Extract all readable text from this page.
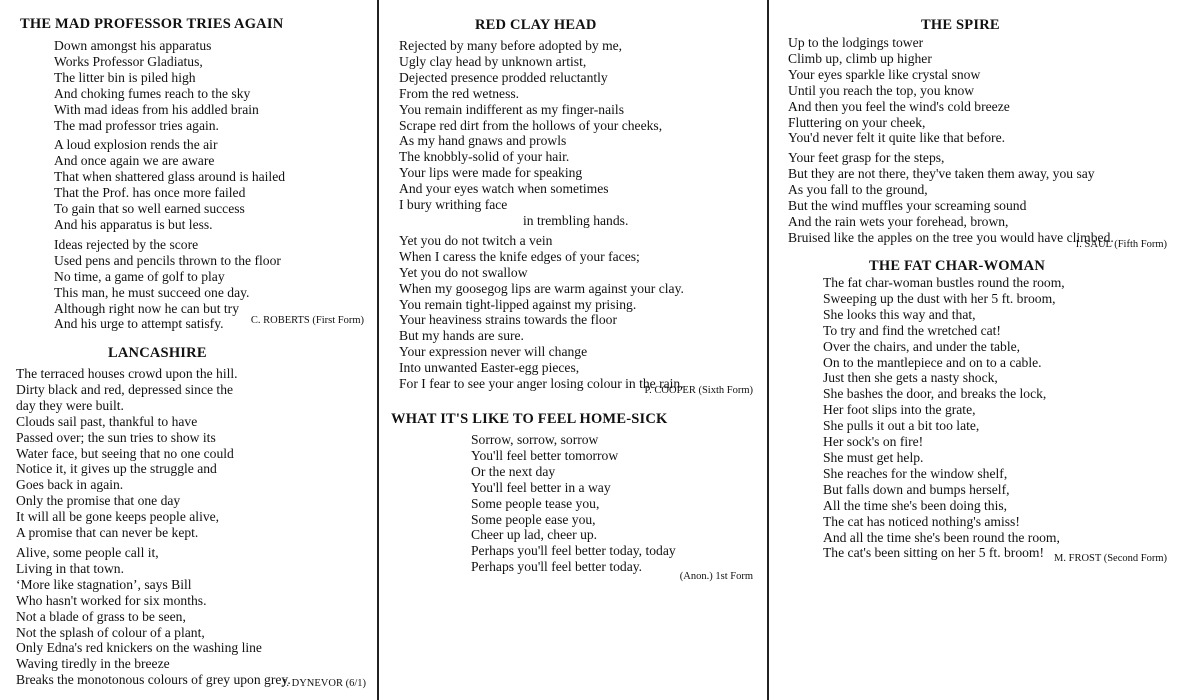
THE MAD PROFESSOR TRIES AGAIN
Down amongst his apparatus
Works Professor Gladiatus,
The litter bin is piled high
And choking fumes reach to the sky
With mad ideas from his addled brain
The mad professor tries again.
A loud explosion rends the air
And once again we are aware
That when shattered glass around is hailed
That the Prof. has once more failed
To gain that so well earned success
And his apparatus is but less.
Ideas rejected by the score
Used pens and pencils thrown to the floor
No time, a game of golf to play
This man, he must succeed one day.
Although right now he can but try
And his urge to attempt satisfy.	C. ROBERTS (First Form)
LANCASHIRE
The terraced houses crowd upon the hill.
Dirty black and red, depressed since the
day they were built.
Clouds sail past, thankful to have
Passed over; the sun tries to show its
Water face, but seeing that no one could
Notice it, it gives up the struggle and
Goes back in again.
Only the promise that one day
It will all be gone keeps people alive,
A promise that can never be kept.
Alive, some people call it,
Living in that town.
‘More like stagnation’, says Bill
Who hasn't worked for six months.
Not a blade of grass to be seen,
Not the splash of colour of a plant,
Only Edna's red knickers on the washing line
Waving tiredly in the breeze
Breaks the monotonous colours of grey upon grey.
J. DYNEVOR (6/1)
RED CLAY HEAD
Rejected by many before adopted by me,
Ugly clay head by unknown artist,
Dejected presence prodded reluctantly
From the red wetness.
You remain indifferent as my finger-nails
Scrape red dirt from the hollows of your cheeks,
As my hand gnaws and prowls
The knobbly-solid of your hair.
Your lips were made for speaking
And your eyes watch when sometimes
I bury writhing face
in trembling hands.
Yet you do not twitch a vein
When I caress the knife edges of your faces;
Yet you do not swallow
When my goosegog lips are warm against your clay.
You remain tight-lipped against my prising.
Your heaviness strains towards the floor
But my hands are sure.
Your expression never will change
Into unwanted Easter-egg pieces,
For I fear to see your anger losing colour in the rain.
P. COOPER (Sixth Form)
WHAT IT'S LIKE TO FEEL HOME-SICK
Sorrow, sorrow, sorrow
You'll feel better tomorrow
Or the next day
You'll feel better in a way
Some people tease you,
Some people ease you,
Cheer up lad, cheer up.
Perhaps you'll feel better today, today
Perhaps you'll feel better today.
(Anon.) 1st Form
THE SPIRE
Up to the lodgings tower
Climb up, climb up higher
Your eyes sparkle like crystal snow
Until you reach the top, you know
And then you feel the wind's cold breeze
Fluttering on your cheek,
You'd never felt it quite like that before.
Your feet grasp for the steps,
But they are not there, they've taken them away, you say
As you fall to the ground,
But the wind muffles your screaming sound
And the rain wets your forehead, brown,
Bruised like the apples on the tree you would have climbed.
I. SAUL (Fifth Form)
THE FAT CHAR-WOMAN
The fat char-woman bustles round the room,
Sweeping up the dust with her 5 ft. broom,
She looks this way and that,
To try and find the wretched cat!
Over the chairs, and under the table,
On to the mantlepiece and on to a cable.
Just then she gets a nasty shock,
She bashes the door, and breaks the lock,
Her foot slips into the grate,
She pulls it out a bit too late,
Her sock's on fire!
She must get help.
She reaches for the window shelf,
But falls down and bumps herself,
All the time she's been doing this,
The cat has noticed nothing's amiss!
And all the time she's been round the room,
The cat's been sitting on her 5 ft. broom! M. FROST (Second Form)
